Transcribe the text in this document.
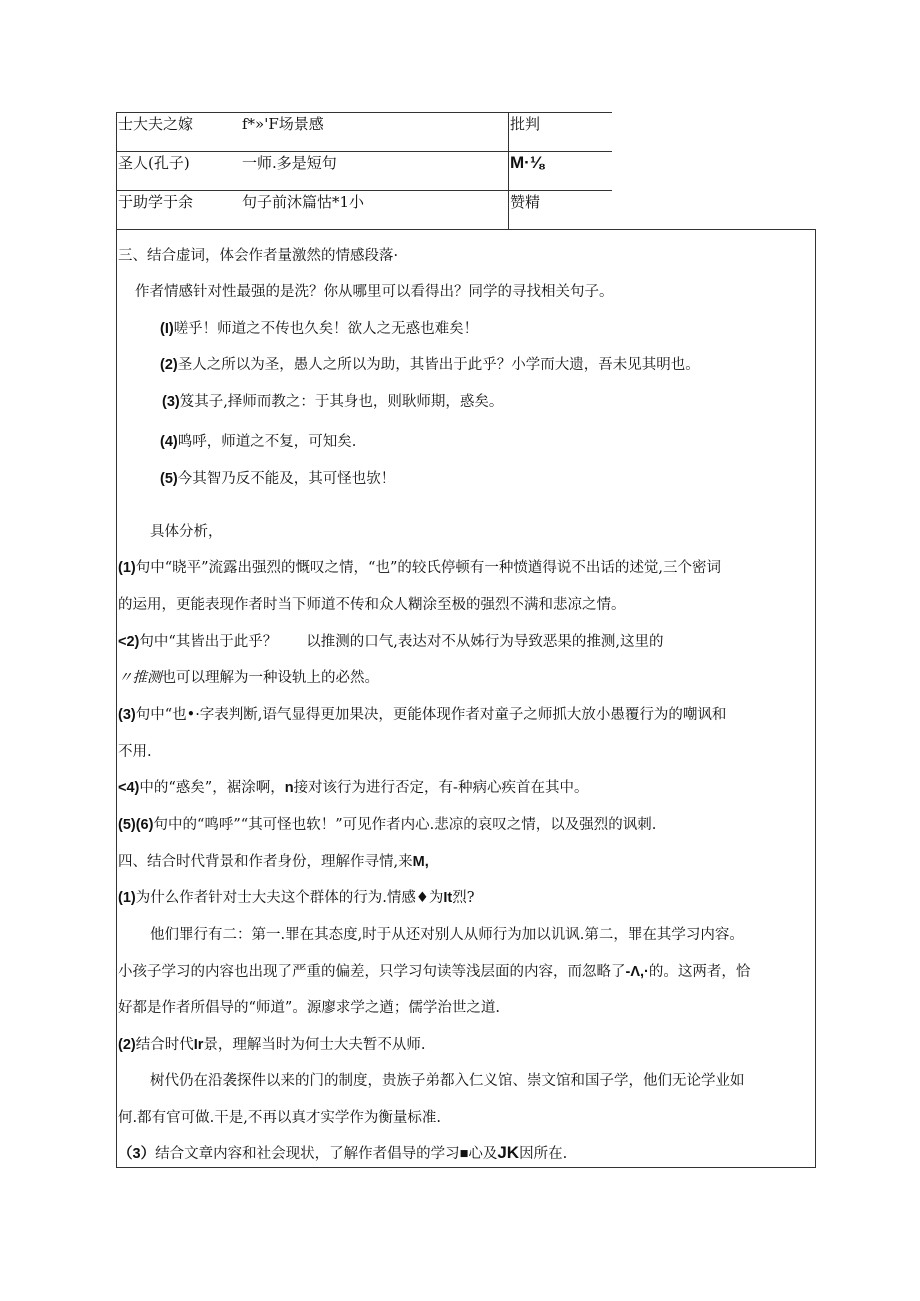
士大夫之嫁	f*»'F场景感	批判
圣人(孔子)	一师.多是短句	M·⅛
于助学于余	句子前沐篇怙*1小	赞精
三、结合虚词，体会作者量激然的情感段落·
作者情感针对性最强的是洗？你从哪里可以看得出？同学的寻找相关句子。
(I)嗟乎！师道之不传也久矣！欲人之无惑也难矣！
(2)圣人之所以为圣，愚人之所以为助，其皆出于此乎？小学而大遗，吾未见其明也。
(3)笈其子,择师而教之：于其身也，则耿师期，惑矣。
(4)鸣呼，师道之不复，可知矣.
(5)今其智乃反不能及，其可怪也欤！
具体分析，
(1)句中“晓平”流露出强烈的慨叹之情，“也”的较氏停顿有一种愤遒得说不出话的述觉,三个密词
的运用，更能表现作者时当下师道不传和众人糊涂至极的强烈不满和悲凉之情。
<2)句中“其皆出于此乎？　　以推测的口气,表达对不从姊行为导致恶果的推测,这里的
〃推测也可以理解为一种设轨上的必然。
(3)句中“也•·字表判断,语气显得更加果决，更能体现作者对童子之师抓大放小愚覆行为的嘲讽和
不用.
<4)中的“惑矣”，裾涂啊，n接对该行为进行否定，有-种病心疾首在其中。
(5)(6)句中的“鸣呼”“其可怪也软！”可见作者内心.悲凉的哀叹之情，以及强烈的讽刺.
四、结合时代背景和作者身份，理解作寻情,来M,
(1)为什么作者针对士大夫这个群体的行为.情感♦为It烈?
他们罪行有二：第一.罪在其态度,时于从还对别人从师行为加以讥讽.第二，罪在其学习内容。
小孩子学习的内容也出现了严重的偏差，只学习句读等浅层面的内容，而忽略了-Λ,·的。这两者，恰
好都是作者所倡导的“师道”。源廖求学之遒；儒学治世之道.
(2)结合时代Ir景，理解当时为何士大夫暂不从师.
树代仍在沿袭探件以来的门的制度，贵族子弟都入仁义馆、崇文馆和国子学，他们无论学业如
何.都有官可做.干是,不再以真才实学作为衡量标准.
（3）结合文章内容和社会现状，了解作者倡导的学习■心及JK因所在.
